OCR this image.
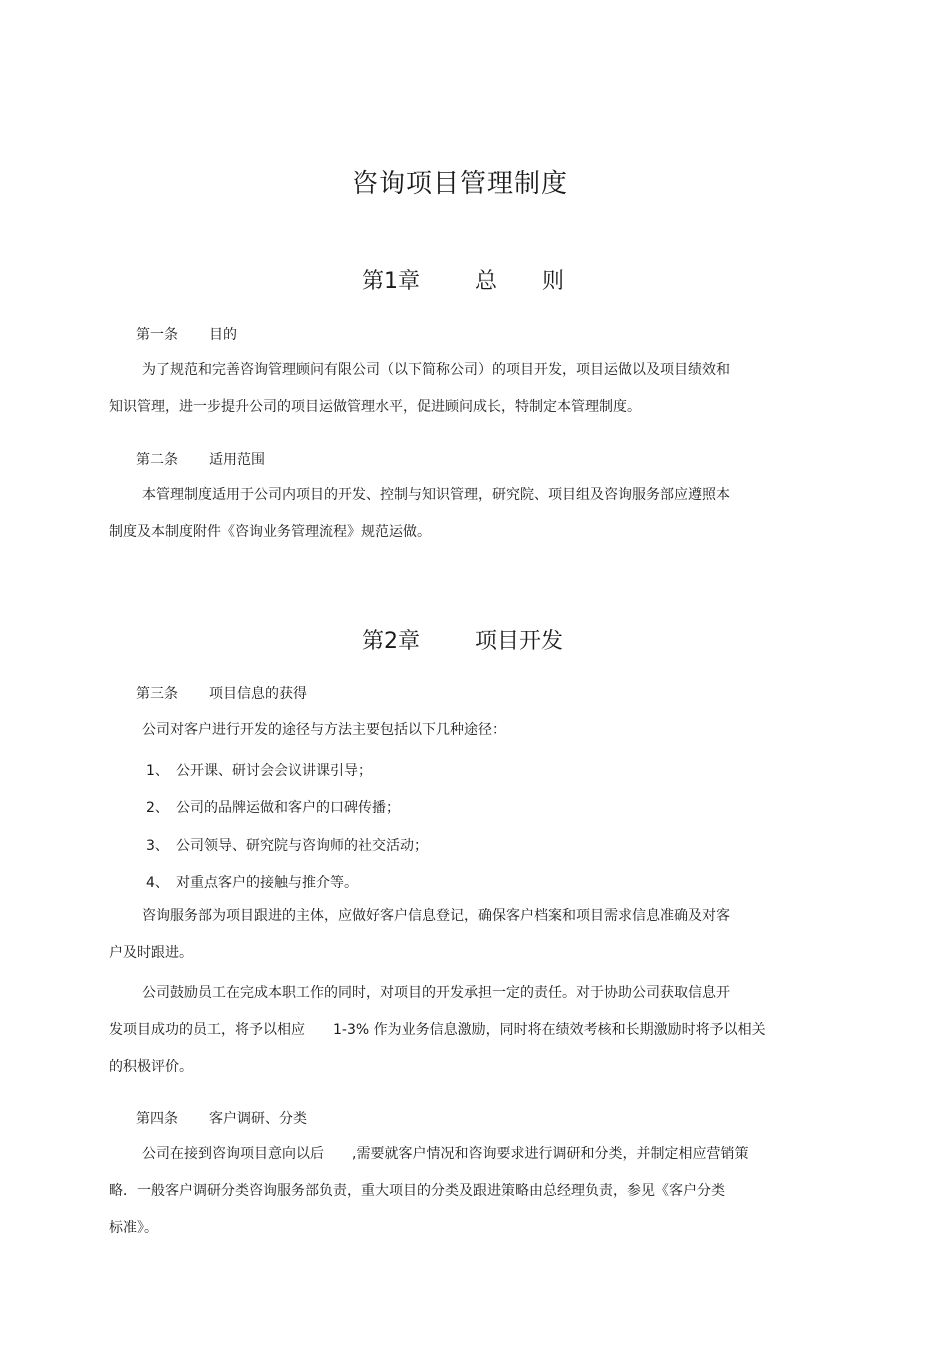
咨询项目管理制度
第1章	总 则
第一条 目的
为了规范和完善咨询管理顾问有限公司（以下简称公司）的项目开发，项目运做以及项目绩效和
知识管理，进一步提升公司的项目运做管理水平，促进顾问成长，特制定本管理制度。
第二条 适用范围
本管理制度适用于公司内项目的开发、控制与知识管理，研究院、项目组及咨询服务部应遵照本
制度及本制度附件《咨询业务管理流程》规范运做。
第2章	项目开发
第三条 项目信息的获得
公司对客户进行开发的途径与方法主要包括以下几种途径：
1、 公开课、研讨会会议讲课引导；
2、 公司的品牌运做和客户的口碑传播；
3、 公司领导、研究院与咨询师的社交活动；
4、 对重点客户的接触与推介等。
咨询服务部为项目跟进的主体，应做好客户信息登记，确保客户档案和项目需求信息准确及对客
户及时跟进。
公司鼓励员工在完成本职工作的同时，对项目的开发承担一定的责任。对于协助公司获取信息开
发项目成功的员工，将予以相应　　1-3% 作为业务信息激励，同时将在绩效考核和长期激励时将予以相关
的积极评价。
第四条 客户调研、分类
公司在接到咨询项目意向以后　　,需要就客户情况和咨询要求进行调研和分类，并制定相应营销策
略．一般客户调研分类咨询服务部负责，重大项目的分类及跟进策略由总经理负责，参见《客户分类
标准》。
